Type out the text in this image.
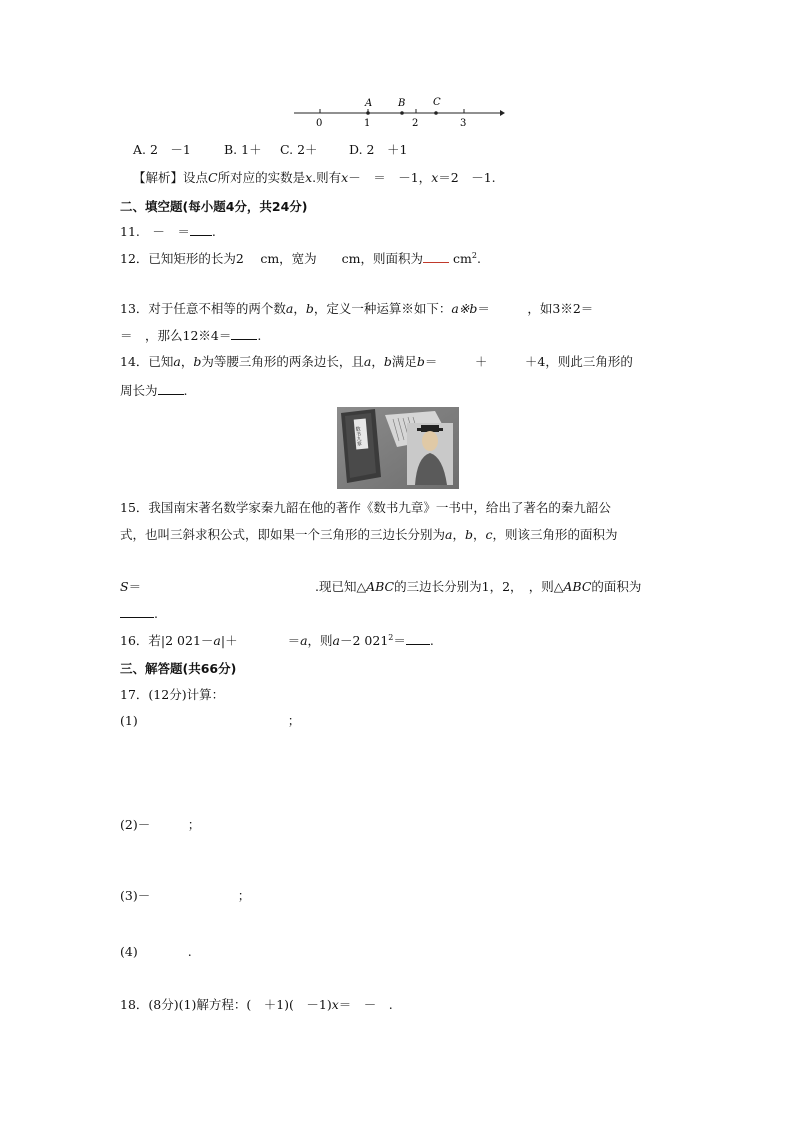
A	B	C
0	1	2	3
A. 2　－1	B. 1＋ C. 2＋	D. 2　＋1
【解析】设点C所对应的实数是x.则有x－　＝　－1，x＝2　－1.
二、填空题(每小题4分，共24分)
11.　－　＝ .
12．已知矩形的长为2　 cm，宽为　　cm，则面积为 $cm^2$.
13．对于任意不相等的两个数a，b，定义一种运算※如下：a※b＝　　　，如3※2＝
＝　，那么12※4＝ .
14．已知a，b为等腰三角形的两条边长，且a，b满足b＝　　　＋　　　＋4，则此三角形的
周长为 .
数书九章
15．我国南宋著名数学家秦九韶在他的著作《数书九章》一书中，给出了著名的秦九韶公
式，也叫三斜求积公式，即如果一个三角形的三边长分别为a，b，c，则该三角形的面积为
S＝	.现已知△ABC的三边长分别为1，2，　，则△ABC的面积为
.
16．若|2 021－a|＋　　　　＝a，则a－2 $021^2=$ .
三、解答题(共66分)
17．(12分)计算：
(1)　　　　　　　　　　　　；
(2)－　　　；
(3)－　　　　　　　；
(4)　　　　.
18．(8分)(1)解方程：(　＋1)(　－1)x＝　－　.
